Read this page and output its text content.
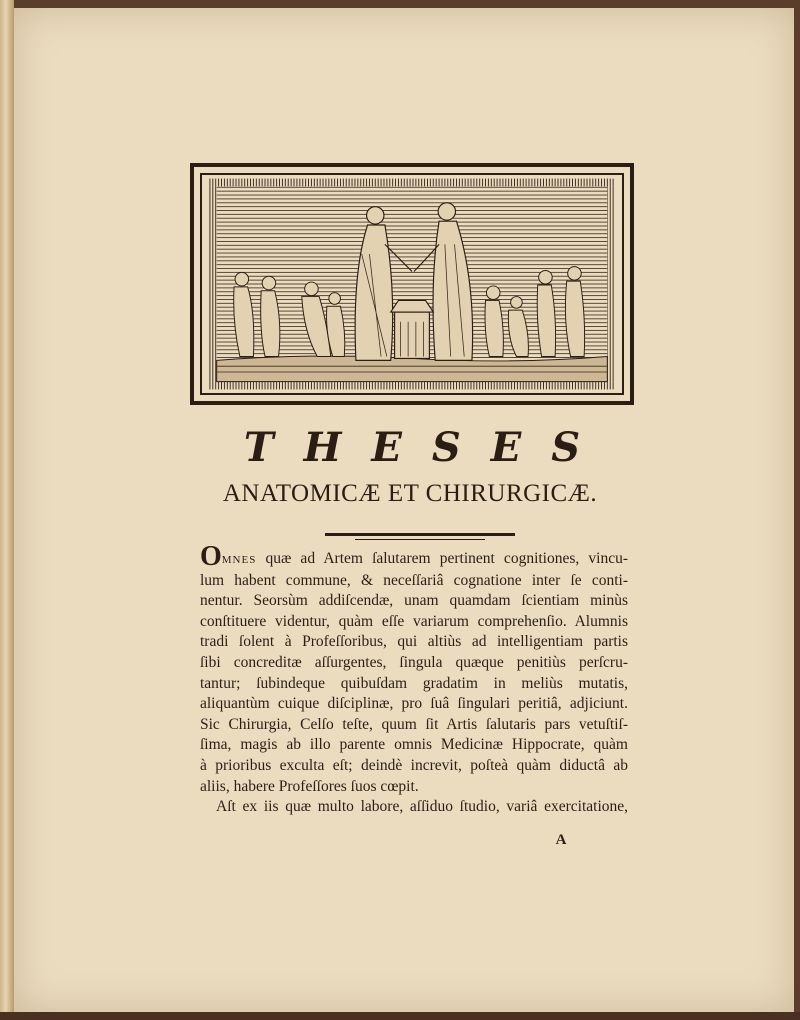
THESES
ANATOMICÆ ET CHIRURGICÆ.
OMNES quæ ad Artem ſalutarem pertinent cognitiones, vincu-
lum habent commune, & neceſſariâ cognatione inter ſe conti-
nentur. Seorsùm addiſcendæ, unam quamdam ſcientiam minùs
conſtituere videntur, quàm eſſe variarum comprehenſio. Alumnis
tradi ſolent à Profeſſoribus, qui altiùs ad intelligentiam partis
ſibi concreditæ aſſurgentes, ſingula quæque penitiùs perſcru-
tantur; ſubindeque quibuſdam gradatim in meliùs mutatis,
aliquantùm cuique diſciplinæ, pro ſuâ ſingulari peritiâ, adjiciunt.
Sic Chirurgia, Celſo teſte, quum ſit Artis ſalutaris pars vetuſtiſ-
ſima, magis ab illo parente omnis Medicinæ Hippocrate, quàm
à prioribus exculta eſt; deindè increvit, poſteà quàm diductâ ab
aliis, habere Profeſſores ſuos cœpit.
Aſt ex iis quæ multo labore, aſſiduo ſtudio, variâ exercitatione,
A
